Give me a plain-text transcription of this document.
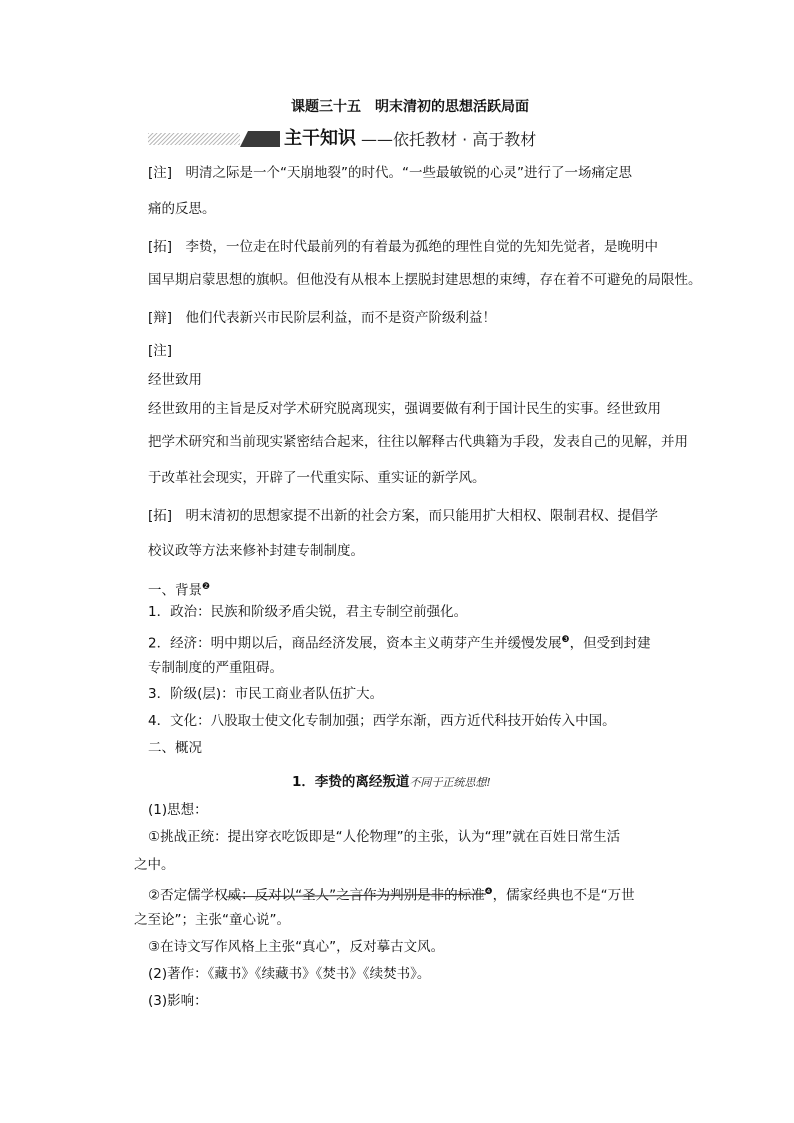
课题三十五　明末清初的思想活跃局面
主干知识 ——依托教材 · 高于教材
[注]　明清之际是一个“天崩地裂”的时代。“一些最敏锐的心灵”进行了一场痛定思
痛的反思。
[拓]　李贽，一位走在时代最前列的有着最为孤绝的理性自觉的先知先觉者，是晚明中
国早期启蒙思想的旗帜。但他没有从根本上摆脱封建思想的束缚，存在着不可避免的局限性。
[辩]　他们代表新兴市民阶层利益，而不是资产阶级利益！
[注]
经世致用
经世致用的主旨是反对学术研究脱离现实，强调要做有利于国计民生的实事。经世致用
把学术研究和当前现实紧密结合起来，往往以解释古代典籍为手段，发表自己的见解，并用
于改革社会现实，开辟了一代重实际、重实证的新学风。
[拓]　明末清初的思想家提不出新的社会方案，而只能用扩大相权、限制君权、提倡学
校议政等方法来修补封建专制制度。
一、背景❷
1．政治：民族和阶级矛盾尖锐，君主专制空前强化。
2．经济：明中期以后，商品经济发展，资本主义萌芽产生并缓慢发展❸，但受到封建
专制制度的严重阻碍。
3．阶级(层)：市民工商业者队伍扩大。
4．文化：八股取士使文化专制加强；西学东渐，西方近代科技开始传入中国。
二、概况
1．李贽的离经叛道不同于正统思想!
(1)思想：
①挑战正统：提出穿衣吃饭即是“人伦物理”的主张，认为“理”就在百姓日常生活
之中。
②否定儒学权威：反对以“圣人”之言作为判别是非的标准❹，儒家经典也不是“万世
之至论”；主张“童心说”。
③在诗文写作风格上主张“真心”，反对摹古文风。
(2)著作：《藏书》《续藏书》《焚书》《续焚书》。
(3)影响：
